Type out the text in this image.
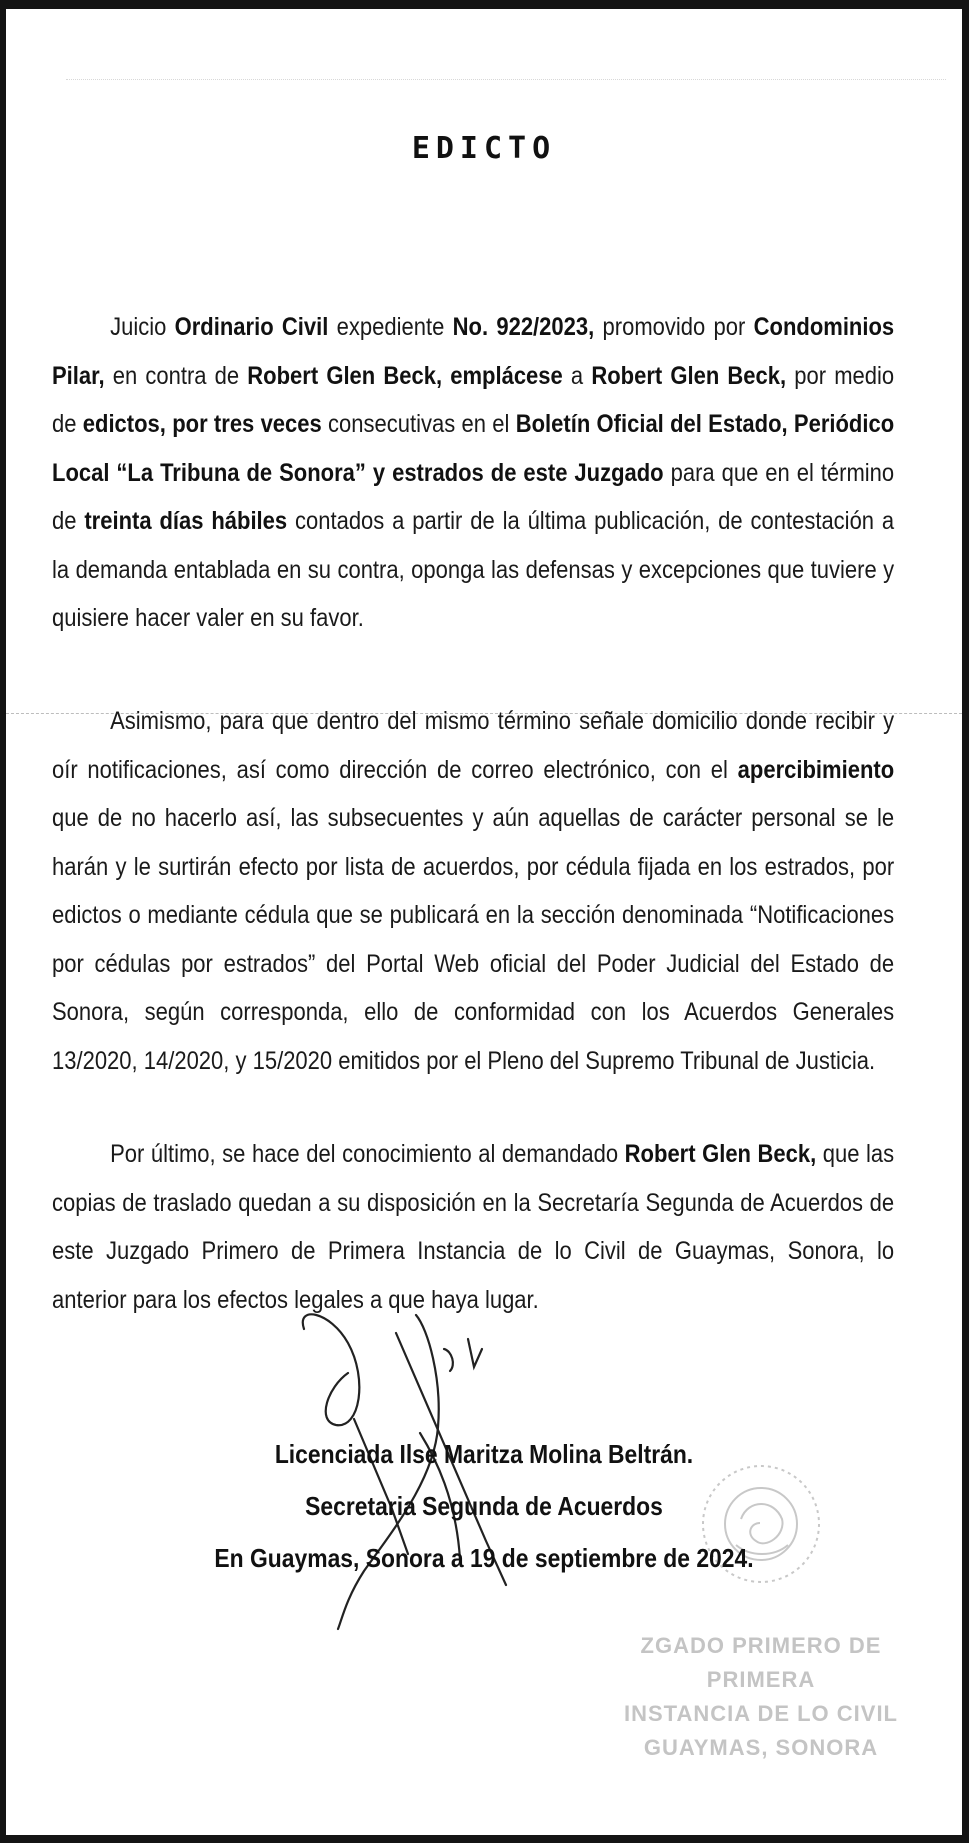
EDICTO
Juicio Ordinario Civil expediente No. 922/2023, promovido por Condominios Pilar, en contra de Robert Glen Beck, emplácese a Robert Glen Beck, por medio de edictos, por tres veces consecutivas en el Boletín Oficial del Estado, Periódico Local “La Tribuna de Sonora” y estrados de este Juzgado para que en el término de treinta días hábiles contados a partir de la última publicación, de contestación a la demanda entablada en su contra, oponga las defensas y excepciones que tuviere y quisiere hacer valer en su favor.
Asimismo, para que dentro del mismo término señale domicilio donde recibir y oír notificaciones, así como dirección de correo electrónico, con el apercibimiento que de no hacerlo así, las subsecuentes y aún aquellas de carácter personal se le harán y le surtirán efecto por lista de acuerdos, por cédula fijada en los estrados, por edictos o mediante cédula que se publicará en la sección denominada “Notificaciones por cédulas por estrados” del Portal Web oficial del Poder Judicial del Estado de Sonora, según corresponda, ello de conformidad con los Acuerdos Generales 13/2020, 14/2020, y 15/2020 emitidos por el Pleno del Supremo Tribunal de Justicia.
Por último, se hace del conocimiento al demandado Robert Glen Beck, que las copias de traslado quedan a su disposición en la Secretaría Segunda de Acuerdos de este Juzgado Primero de Primera Instancia de lo Civil de Guaymas, Sonora, lo anterior para los efectos legales a que haya lugar.
Licenciada Ilse Maritza Molina Beltrán.
Secretaria Segunda de Acuerdos
En Guaymas, Sonora a 19 de septiembre de 2024.
ZGADO PRIMERO DE PRIMERA
INSTANCIA DE LO CIVIL
GUAYMAS, SONORA
